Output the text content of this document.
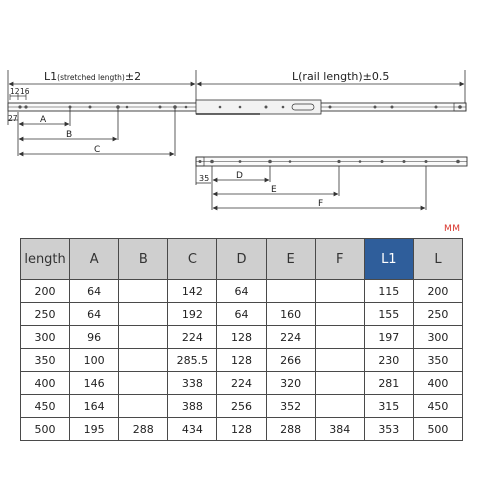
L1(stretched length)±2	L(rail length)±0.5
12 16
27 A
B
C
35	D
E
F
MM
length	A	B	C	D	E	F	L1	L
200	64		142	64			115	200
250	64		192	64	160		155	250
300	96		224	128	224		197	300
350	100		285.5	128	266		230	350
400	146		338	224	320		281	400
450	164		388	256	352		315	450
500	195	288	434	128	288	384	353	500
